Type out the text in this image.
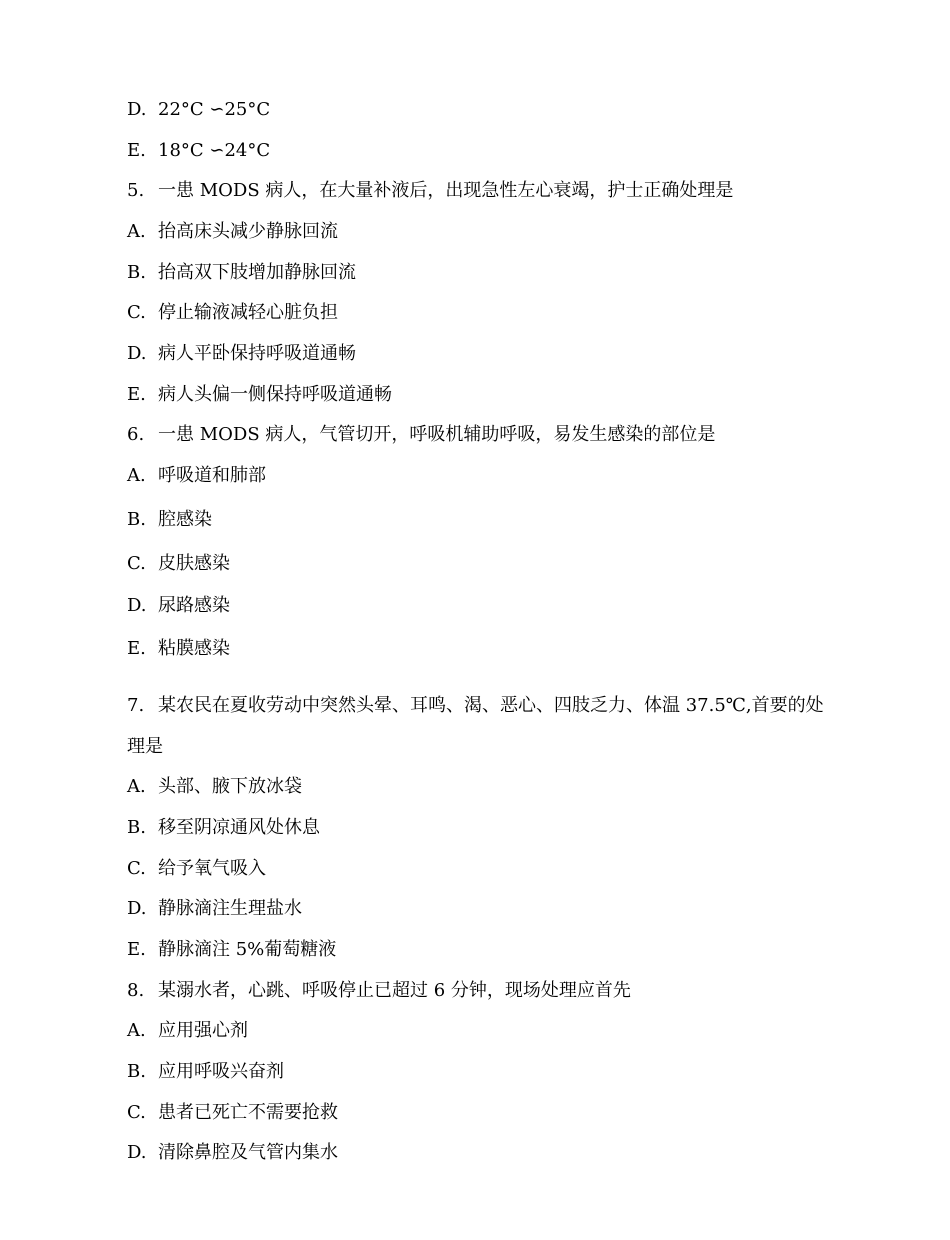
D. 22°C ∽25°C
E. 18°C ∽24°C
5. 一患 MODS 病人，在大量补液后，出现急性左心衰竭，护士正确处理是
A. 抬高床头减少静脉回流
B. 抬高双下肢增加静脉回流
C. 停止输液减轻心脏负担
D. 病人平卧保持呼吸道通畅
E. 病人头偏一侧保持呼吸道通畅
6. 一患 MODS 病人，气管切开，呼吸机辅助呼吸，易发生感染的部位是
A. 呼吸道和肺部
B. 腔感染
C. 皮肤感染
D. 尿路感染
E. 粘膜感染
7. 某农民在夏收劳动中突然头晕、耳鸣、渴、恶心、四肢乏力、体温 37.5℃,首要的处
理是
A. 头部、腋下放冰袋
B. 移至阴凉通风处休息
C. 给予氧气吸入
D. 静脉滴注生理盐水
E. 静脉滴注 5%葡萄糖液
8. 某溺水者，心跳、呼吸停止已超过 6 分钟，现场处理应首先
A. 应用强心剂
B. 应用呼吸兴奋剂
C. 患者已死亡不需要抢救
D. 清除鼻腔及气管内集水
